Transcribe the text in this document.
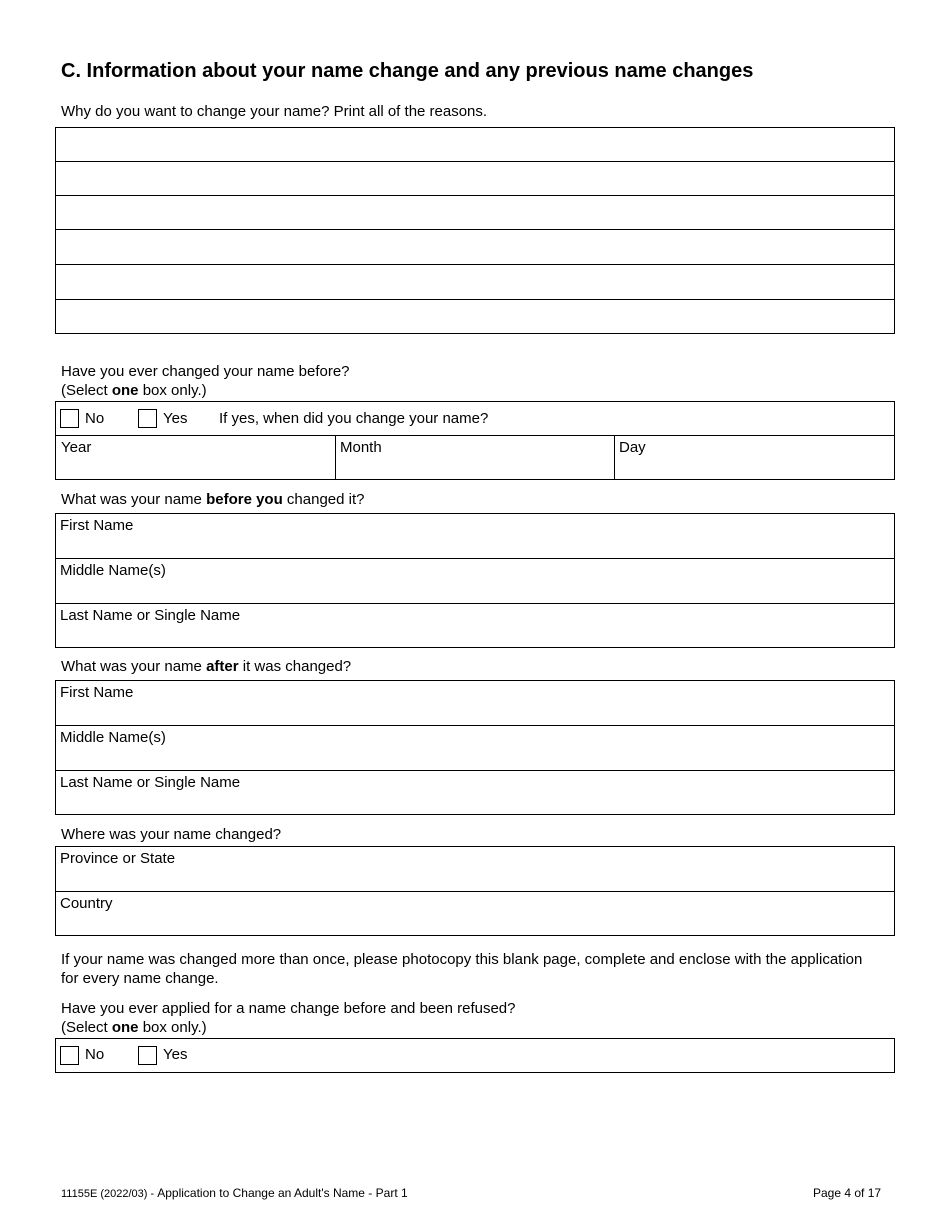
C. Information about your name change and any previous name changes
Why do you want to change your name? Print all of the reasons.
Have you ever changed your name before?
(Select one box only.)
No	Yes If yes, when did you change your name?
Year	Month	Day
What was your name before you changed it?
First Name
Middle Name(s)
Last Name or Single Name
What was your name after it was changed?
First Name
Middle Name(s)
Last Name or Single Name
Where was your name changed?
Province or State
Country
If your name was changed more than once, please photocopy this blank page, complete and enclose with the application
for every name change.
Have you ever applied for a name change before and been refused?
(Select one box only.)
No	Yes
11155E (2022/03) - Application to Change an Adult's Name - Part 1	Page 4 of 17
